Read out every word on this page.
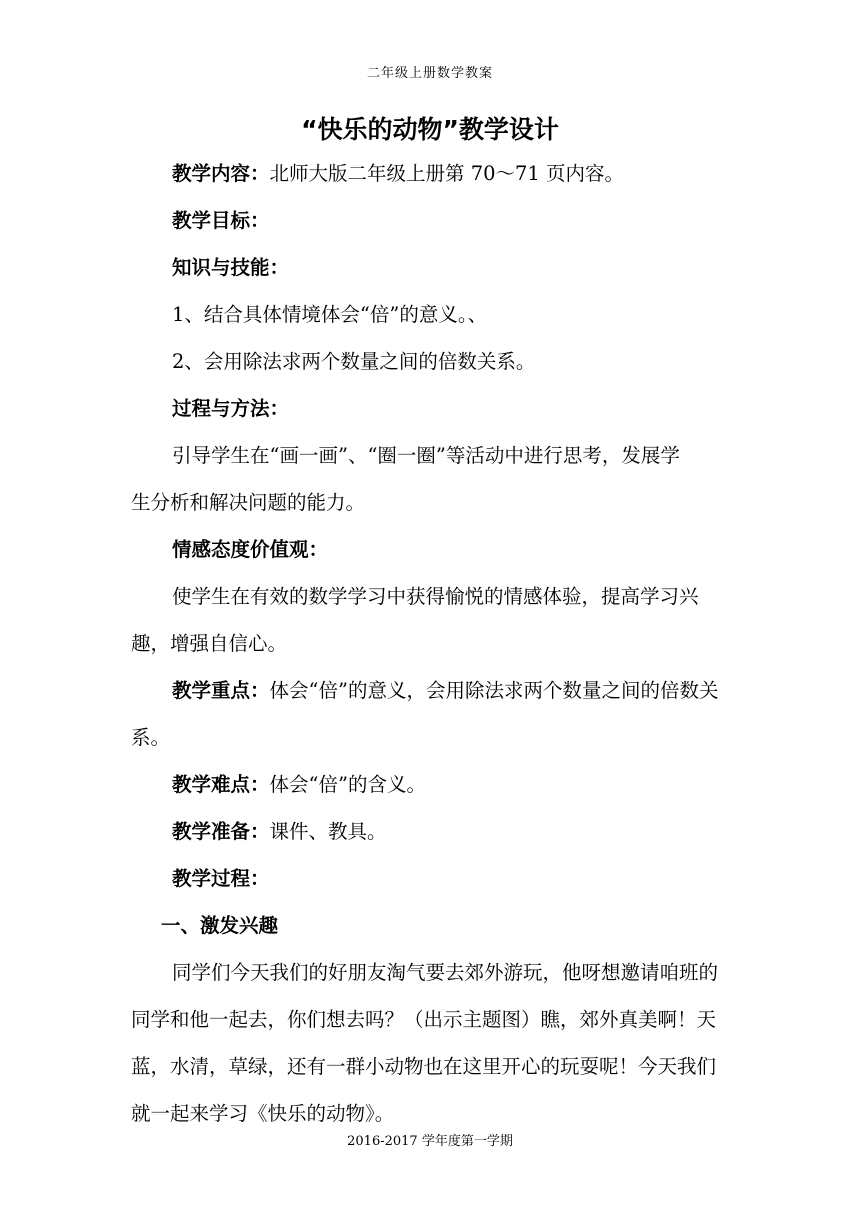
二年级上册数学教案
“快乐的动物”教学设计

教学内容：北师大版二年级上册第 70～71 页内容。

教学目标：

知识与技能：

1、结合具体情境体会“倍”的意义。、

2、会用除法求两个数量之间的倍数关系。

过程与方法：

引导学生在“画一画”、“圈一圈”等活动中进行思考，发展学

生分析和解决问题的能力。

情感态度价值观：

使学生在有效的数学学习中获得愉悦的情感体验，提高学习兴

趣，增强自信心。

教学重点：体会“倍”的意义，会用除法求两个数量之间的倍数关

系。

教学难点：体会“倍”的含义。

教学准备：课件、教具。

教学过程：

一、激发兴趣

同学们今天我们的好朋友淘气要去郊外游玩，他呀想邀请咱班的

同学和他一起去，你们想去吗？（出示主题图）瞧，郊外真美啊！天

蓝，水清，草绿，还有一群小动物也在这里开心的玩耍呢！今天我们

就一起来学习《快乐的动物》。

2016-2017 学年度第一学期
